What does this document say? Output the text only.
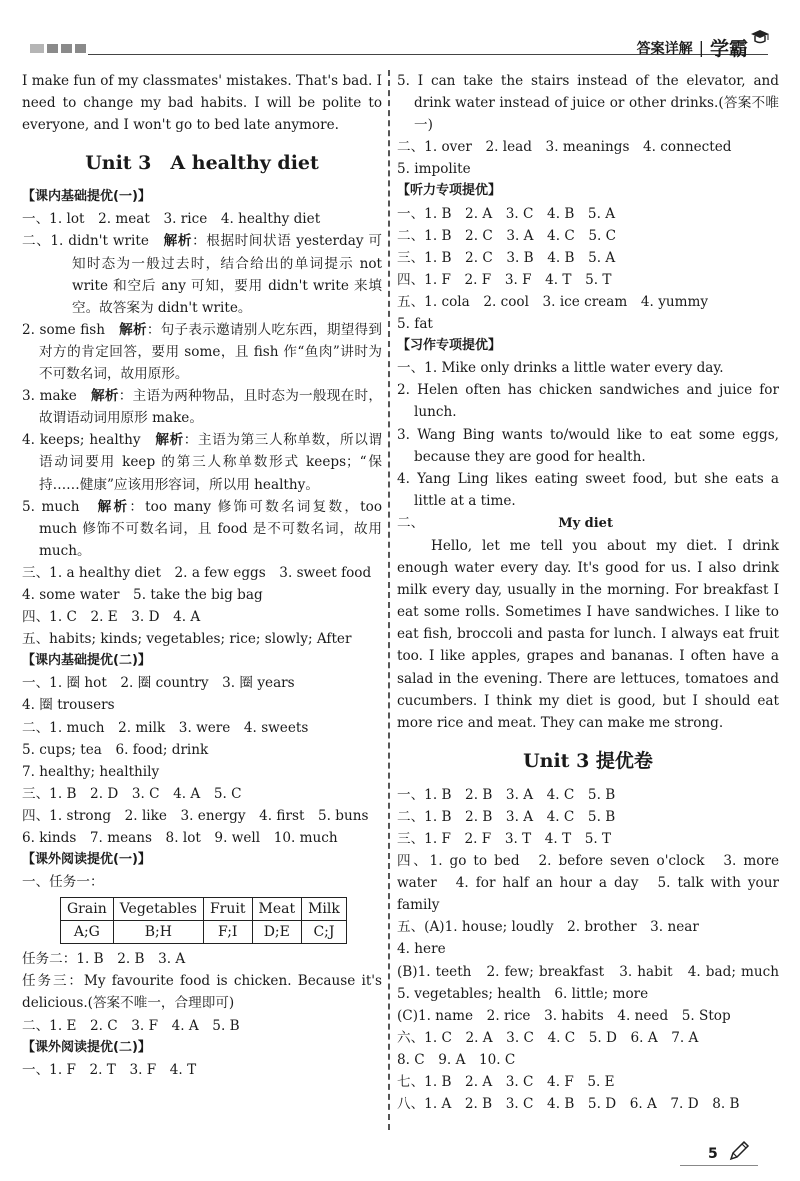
答案详解 | 学霸

I make fun of my classmates' mistakes. That's bad. I need to change my bad habits. I will be polite to everyone, and I won't go to bed late anymore.

Unit 3　A healthy diet

【课内基础提优(一)】

一、1. lot　2. meat　3. rice　4. healthy diet

二、1. didn't write　解析：根据时间状语 yesterday 可知时态为一般过去时，结合给出的单词提示 not write 和空后 any 可知，要用 didn't write 来填空。故答案为 didn't write。

2. some fish　解析：句子表示邀请别人吃东西，期望得到对方的肯定回答，要用 some，且 fish 作“鱼肉”讲时为不可数名词，故用原形。

3. make　解析：主语为两种物品，且时态为一般现在时，故谓语动词用原形 make。

4. keeps; healthy　解析：主语为第三人称单数，所以谓语动词要用 keep 的第三人称单数形式 keeps；“保持……健康”应该用形容词，所以用 healthy。

5. much　解析：too many 修饰可数名词复数，too much 修饰不可数名词，且 food 是不可数名词，故用 much。

三、1. a healthy diet　2. a few eggs　3. sweet food

4. some water　5. take the big bag

四、1. C　2. E　3. D　4. A

五、habits; kinds; vegetables; rice; slowly; After

【课内基础提优(二)】

一、1. 圈 hot　2. 圈 country　3. 圈 years

4. 圈 trousers

二、1. much　2. milk　3. were　4. sweets

5. cups; tea　6. food; drink

7. healthy; healthily

三、1. B　2. D　3. C　4. A　5. C

四、1. strong　2. like　3. energy　4. first　5. buns

6. kinds　7. means　8. lot　9. well　10. much

【课外阅读提优(一)】

一、任务一：

Grain	Vegetables	Fruit	Meat	Milk
A;G	B;H	F;I	D;E	C;J

任务二：1. B　2. B　3. A

任务三：My favourite food is chicken. Because it's delicious.(答案不唯一，合理即可)

二、1. E　2. C　3. F　4. A　5. B

【课外阅读提优(二)】

一、1. F　2. T　3. F　4. T

5. I can take the stairs instead of the elevator, and drink water instead of juice or other drinks.(答案不唯一)

二、1. over　2. lead　3. meanings　4. connected

5. impolite

【听力专项提优】

一、1. B　2. A　3. C　4. B　5. A

二、1. B　2. C　3. A　4. C　5. C

三、1. B　2. C　3. B　4. B　5. A

四、1. F　2. F　3. F　4. T　5. T

五、1. cola　2. cool　3. ice cream　4. yummy

5. fat

【习作专项提优】

一、1. Mike only drinks a little water every day.

2. Helen often has chicken sandwiches and juice for lunch.

3. Wang Bing wants to/would like to eat some eggs, because they are good for health.

4. Yang Ling likes eating sweet food, but she eats a little at a time.

二、	My diet

Hello, let me tell you about my diet. I drink enough water every day. It's good for us. I also drink milk every day, usually in the morning. For breakfast I eat some rolls. Sometimes I have sandwiches. I like to eat fish, broccoli and pasta for lunch. I always eat fruit too. I like apples, grapes and bananas. I often have a salad in the evening. There are lettuces, tomatoes and cucumbers. I think my diet is good, but I should eat more rice and meat. They can make me strong.

Unit 3 提优卷

一、1. B　2. B　3. A　4. C　5. B

二、1. B　2. B　3. A　4. C　5. B

三、1. F　2. F　3. T　4. T　5. T

四、1. go to bed　2. before seven o'clock　3. more water　4. for half an hour a day　5. talk with your family

五、(A)1. house; loudly　2. brother　3. near

4. here

(B)1. teeth　2. few; breakfast　3. habit　4. bad; much　5. vegetables; health　6. little; more

(C)1. name　2. rice　3. habits　4. need　5. Stop

六、1. C　2. A　3. C　4. C　5. D　6. A　7. A

8. C　9. A　10. C

七、1. B　2. A　3. C　4. F　5. E

八、1. A　2. B　3. C　4. B　5. D　6. A　7. D　8. B

5
